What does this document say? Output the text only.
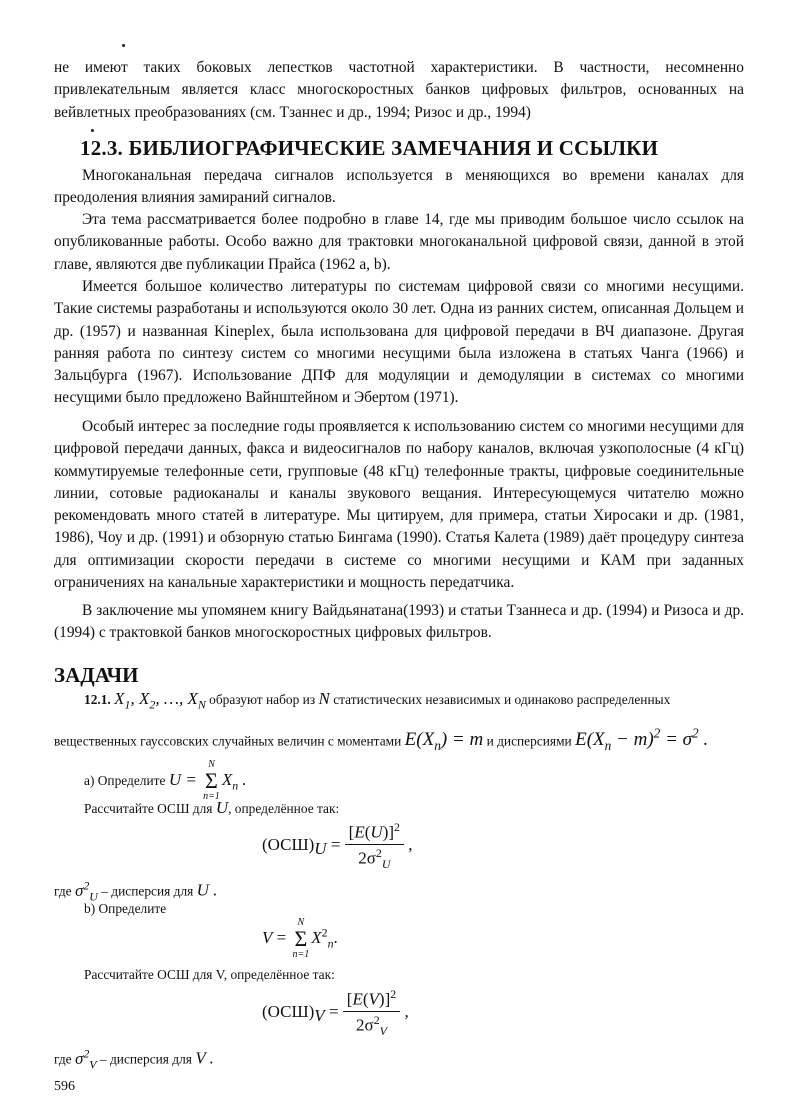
не имеют таких боковых лепестков частотной характеристики. В частности, несомненно привлекательным является класс многоскоростных банков цифровых фильтров, основанных на вейвлетных преобразованиях (см. Тзаннес и др., 1994; Ризос и др., 1994)

12.3. БИБЛИОГРАФИЧЕСКИЕ ЗАМЕЧАНИЯ И ССЫЛКИ

Многоканальная передача сигналов используется в меняющихся во времени каналах для преодоления влияния замираний сигналов.

Эта тема рассматривается более подробно в главе 14, где мы приводим большое число ссылок на опубликованные работы. Особо важно для трактовки многоканальной цифровой связи, данной в этой главе, являются две публикации Прайса (1962 a, b).

Имеется большое количество литературы по системам цифровой связи со многими несущими. Такие системы разработаны и используются около 30 лет. Одна из ранних систем, описанная Дольцем и др. (1957) и названная Kineplex, была использована для цифровой передачи в ВЧ диапазоне. Другая ранняя работа по синтезу систем со многими несущими была изложена в статьях Чанга (1966) и Зальцбурга (1967). Использование ДПФ для модуляции и демодуляции в системах со многими несущими было предложено Вайнштейном и Эбертом (1971).

Особый интерес за последние годы проявляется к использованию систем со многими несущими для цифровой передачи данных, факса и видеосигналов по набору каналов, включая узкополосные (4 кГц) коммутируемые телефонные сети, групповые (48 кГц) телефонные тракты, цифровые соединительные линии, сотовые радиоканалы и каналы звукового вещания. Интересующемуся читателю можно рекомендовать много статей в литературе. Мы цитируем, для примера, статьи Хиросаки и др. (1981, 1986), Чоу и др. (1991) и обзорную статью Бингама (1990). Статья Калета (1989) даёт процедуру синтеза для оптимизации скорости передачи в системе со многими несущими и КАМ при заданных ограничениях на канальные характеристики и мощность передатчика.

В заключение мы упомянем книгу Вайдьянатана(1993) и статьи Тзаннеса и др. (1994) и Ризоса и др. (1994) с трактовкой банков многоскоростных цифровых фильтров.

ЗАДАЧИ
12.1. $X_1$, $X_2$, …, $X_N$ образуют набор из N статистических независимых и одинаково распределенных
вещественных гауссовских случайных величин с моментами $E(X_n) = m$ и дисперсиями $E(X_n - m)^2 = \sigma^2$ .
а) Определите U =
N
Σ
n=1
$X_n$ .
Рассчитайте ОСШ для U, определённое так:
$(ОСШ)_U = \frac{[E(U)]^2}{2\sigma^2_U}$ ,
где $\sigma^2_U$ – дисперсия для U .
b) Определите
V =
N
Σ
n=1
$X^2_n$.
Рассчитайте ОСШ для V, определённое так:
$(ОСШ)_V = \frac{[E(V)]^2}{2\sigma^2_V}$ ,
где $\sigma^2_V$ – дисперсия для V .

596
